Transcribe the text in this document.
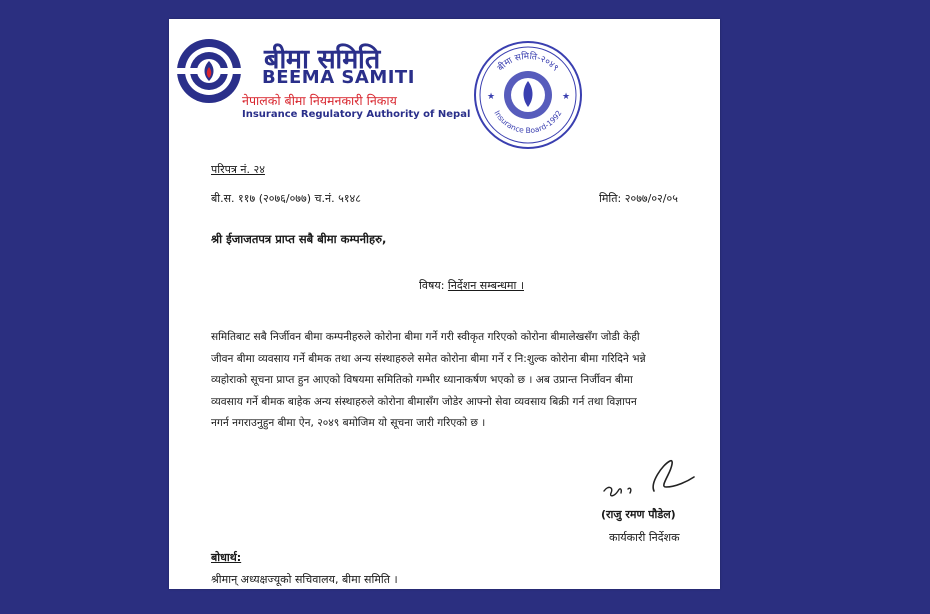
बीमा समिति
BEEMA SAMITI
नेपालको बीमा नियमनकारी निकाय
Insurance Regulatory Authority of Nepal
बीमा समिति-२०४९
Insurance Board-1992
★	★
परिपत्र नं. २४
बी.स. ११७ (२०७६/०७७) च.नं. ५१४८	मिति: २०७७/०२/०५
श्री ईजाजतपत्र प्राप्त सबै बीमा कम्पनीहरु,
विषय: निर्देशन सम्बन्धमा ।
समितिबाट सबै निर्जीवन बीमा कम्पनीहरुले कोरोना बीमा गर्ने गरी स्वीकृत गरिएको कोरोना बीमालेखसँग जोडी केही
जीवन बीमा व्यवसाय गर्ने बीमक तथा अन्य संस्थाहरुले समेत कोरोना बीमा गर्ने र नि:शुल्क कोरोना बीमा गरिदिने भन्ने
व्यहोराको सूचना प्राप्त हुन आएको विषयमा समितिको गम्भीर ध्यानाकर्षण भएको छ । अब उप्रान्त निर्जीवन बीमा
व्यवसाय गर्ने बीमक बाहेक अन्य संस्थाहरुले कोरोना बीमासँग जोडेर आफ्नो सेवा व्यवसाय बिक्री गर्न तथा विज्ञापन
नगर्न नगराउनुहुन बीमा ऐन, २०४९ बमोजिम यो सूचना जारी गरिएको छ ।
(राजु रमण पौडेल)
कार्यकारी निर्देशक
बोधार्थ:
श्रीमान् अध्यक्षज्यूको सचिवालय, बीमा समिति ।
